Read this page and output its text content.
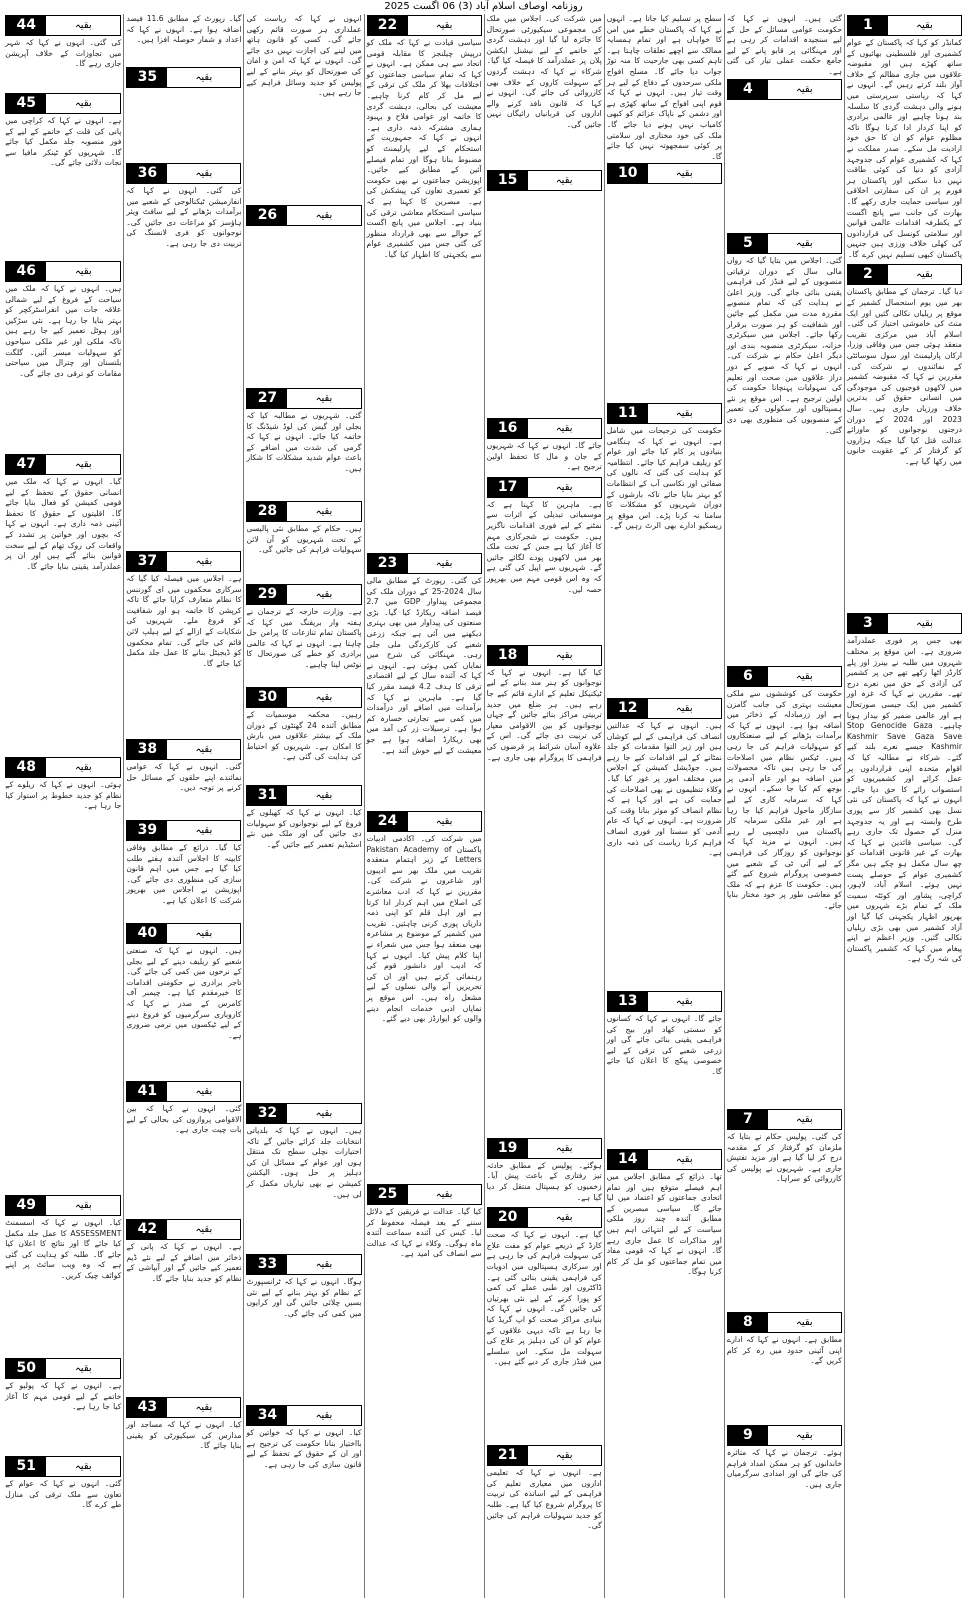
روزنامہ اوصاف اسلام آباد (3) 06 اگست 2025
1	بقیہ
کمانڈر کو کہا کہ پاکستان کے عوام کشمیری اور فلسطینی بھائیوں کے ساتھ کھڑے ہیں اور مقبوضہ علاقوں میں جاری مظالم کے خلاف آواز بلند کرتے رہیں گے۔ انہوں نے کہا کہ ریاستی سرپرستی میں ہونے والی دہشت گردی کا سلسلہ بند ہونا چاہیے اور عالمی برادری کو اپنا کردار ادا کرنا ہوگا تاکہ مظلوم عوام کو ان کا حق خود ارادیت مل سکے۔ صدر مملکت نے کہا کہ کشمیری عوام کی جدوجہد آزادی کو دنیا کی کوئی طاقت نہیں دبا سکتی اور پاکستان ہر فورم پر ان کی سفارتی اخلاقی اور سیاسی حمایت جاری رکھے گا۔ بھارت کی جانب سے پانچ اگست کے یکطرفہ اقدامات عالمی قوانین اور سلامتی کونسل کی قراردادوں کی کھلی خلاف ورزی ہیں جنہیں پاکستان کبھی تسلیم نہیں کرے گا۔
2	بقیہ
دیا گیا۔ ترجمان کے مطابق پاکستان بھر میں یوم استحصال کشمیر کے موقع پر ریلیاں نکالی گئیں اور ایک منٹ کی خاموشی اختیار کی گئی۔ اسلام آباد میں مرکزی تقریب منعقد ہوئی جس میں وفاقی وزرا، ارکان پارلیمنٹ اور سول سوسائٹی کے نمائندوں نے شرکت کی۔ مقررین نے کہا کہ مقبوضہ کشمیر میں لاکھوں فوجیوں کی موجودگی میں انسانی حقوق کی بدترین خلاف ورزیاں جاری ہیں۔ سال 2023 اور 2024 کے دوران درجنوں نوجوانوں کو ماورائے عدالت قتل کیا گیا جبکہ ہزاروں کو گرفتار کر کے عقوبت خانوں میں رکھا گیا ہے۔
3	بقیہ
بھی جس پر فوری عملدرآمد ضروری ہے۔ اس موقع پر مختلف شہروں میں طلبہ نے بینرز اور پلے کارڈز اٹھا رکھے تھے جن پر کشمیر کی آزادی کے حق میں نعرے درج تھے۔ مقررین نے کہا کہ غزہ اور کشمیر میں ایک جیسی صورتحال ہے اور عالمی ضمیر کو بیدار ہونا چاہیے۔ Stop Genocide Gaza Kashmir Save Gaza Save Kashmir جیسے نعرے بلند کیے گئے۔ شرکاء نے مطالبہ کیا کہ اقوام متحدہ اپنی قراردادوں پر عمل کرائے اور کشمیریوں کو استصواب رائے کا حق دیا جائے۔ انہوں نے کہا کہ پاکستان کی نئی نسل بھی کشمیر کاز سے پوری طرح وابستہ ہے اور یہ جدوجہد منزل کے حصول تک جاری رہے گی۔ سیاسی قائدین نے کہا کہ بھارت کے غیر قانونی اقدامات کو چھ سال مکمل ہو چکے ہیں مگر کشمیری عوام کے حوصلے پست نہیں ہوئے۔ اسلام آباد، لاہور، کراچی، پشاور اور کوئٹہ سمیت ملک کے تمام بڑے شہروں میں بھرپور اظہار یکجہتی کیا گیا اور آزاد کشمیر میں بھی بڑی ریلیاں نکالی گئیں۔ وزیر اعظم نے اپنے پیغام میں کہا کہ کشمیر پاکستان کی شہ رگ ہے۔
گئی ہیں۔ انہوں نے کہا کہ حکومت عوامی مسائل کے حل کے لیے سنجیدہ اقدامات کر رہی ہے اور مہنگائی پر قابو پانے کے لیے جامع حکمت عملی تیار کی گئی ہے۔
4	بقیہ
5	بقیہ
گئی۔ اجلاس میں بتایا گیا کہ رواں مالی سال کے دوران ترقیاتی منصوبوں کے لیے فنڈز کی فراہمی یقینی بنائی جائے گی۔ وزیر اعلیٰ نے ہدایت کی کہ تمام منصوبے مقررہ مدت میں مکمل کیے جائیں اور شفافیت کو ہر صورت برقرار رکھا جائے۔ اجلاس میں سیکرٹری خزانہ، سیکرٹری منصوبہ بندی اور دیگر اعلیٰ حکام نے شرکت کی۔ انہوں نے کہا کہ صوبے کے دور دراز علاقوں میں صحت اور تعلیم کی سہولیات پہنچانا حکومت کی اولین ترجیح ہے۔ اس موقع پر نئے ہسپتالوں اور سکولوں کی تعمیر کے منصوبوں کی منظوری بھی دی گئی۔
6	بقیہ
حکومت کی کوششوں سے ملکی معیشت بہتری کی جانب گامزن ہے اور زرمبادلہ کے ذخائر میں اضافہ ہوا ہے۔ انہوں نے کہا کہ برآمدات بڑھانے کے لیے صنعتکاروں کو سہولیات فراہم کی جا رہی ہیں۔ ٹیکس نظام میں اصلاحات کی جا رہی ہیں تاکہ محصولات میں اضافہ ہو اور عام آدمی پر بوجھ کم کیا جا سکے۔ انہوں نے کہا کہ سرمایہ کاری کے لیے سازگار ماحول فراہم کیا جا رہا ہے اور غیر ملکی سرمایہ کار پاکستان میں دلچسپی لے رہے ہیں۔ انہوں نے مزید کہا کہ نوجوانوں کو روزگار کی فراہمی کے لیے آئی ٹی کے شعبے میں خصوصی پروگرام شروع کیے گئے ہیں۔ حکومت کا عزم ہے کہ ملک کو معاشی طور پر خود مختار بنایا جائے۔
7	بقیہ
کی گئی۔ پولیس حکام نے بتایا کہ ملزمان کو گرفتار کر کے مقدمہ درج کر لیا گیا ہے اور مزید تفتیش جاری ہے۔ شہریوں نے پولیس کی کارروائی کو سراہا۔
8	بقیہ
مطابق ہے۔ انہوں نے کہا کہ ادارے اپنی آئینی حدود میں رہ کر کام کریں گے۔
9	بقیہ
ہوئے۔ ترجمان نے کہا کہ متاثرہ خاندانوں کو ہر ممکن امداد فراہم کی جائے گی اور امدادی سرگرمیاں جاری ہیں۔
سطح پر تسلیم کیا جاتا ہے۔ انہوں نے کہا کہ پاکستان خطے میں امن کا خواہاں ہے اور تمام ہمسایہ ممالک سے اچھے تعلقات چاہتا ہے۔ تاہم کسی بھی جارحیت کا منہ توڑ جواب دیا جائے گا۔ مسلح افواج ملکی سرحدوں کے دفاع کے لیے ہر وقت تیار ہیں۔ انہوں نے کہا کہ قوم اپنی افواج کے ساتھ کھڑی ہے اور دشمن کے ناپاک عزائم کو کبھی کامیاب نہیں ہونے دیا جائے گا۔ ملک کی خود مختاری اور سلامتی پر کوئی سمجھوتہ نہیں کیا جائے گا۔
10	بقیہ
11	بقیہ
حکومت کی ترجیحات میں شامل ہے۔ انہوں نے کہا کہ ہنگامی بنیادوں پر کام کیا جائے اور عوام کو ریلیف فراہم کیا جائے۔ انتظامیہ کو ہدایت کی گئی کہ نالوں کی صفائی اور نکاسی آب کے انتظامات کو بہتر بنایا جائے تاکہ بارشوں کے دوران شہریوں کو مشکلات کا سامنا نہ کرنا پڑے۔ اس موقع پر ریسکیو ادارے بھی الرٹ رہیں گے۔
12	بقیہ
ہیں۔ انہوں نے کہا کہ عدالتیں انصاف کی فراہمی کے لیے کوشاں ہیں اور زیر التوا مقدمات کو جلد نمٹانے کے لیے اقدامات کیے جا رہے ہیں۔ جوڈیشل کمیشن کے اجلاس میں مختلف امور پر غور کیا گیا۔ وکلاء تنظیموں نے بھی اصلاحات کی حمایت کی ہے اور کہا ہے کہ نظام انصاف کو موثر بنانا وقت کی ضرورت ہے۔ انہوں نے کہا کہ عام آدمی کو سستا اور فوری انصاف فراہم کرنا ریاست کی ذمہ داری ہے۔
13	بقیہ
جائے گا۔ انہوں نے کہا کہ کسانوں کو سستی کھاد اور بیج کی فراہمی یقینی بنائی جائے گی اور زرعی شعبے کی ترقی کے لیے خصوصی پیکج کا اعلان کیا جائے گا۔
14	بقیہ
تھا۔ ذرائع کے مطابق اجلاس میں اہم فیصلے متوقع ہیں اور تمام اتحادی جماعتوں کو اعتماد میں لیا جائے گا۔ سیاسی مبصرین کے مطابق آئندہ چند روز ملکی سیاست کے لیے انتہائی اہم ہیں اور مذاکرات کا عمل جاری رہے گا۔ انہوں نے کہا کہ قومی مفاد میں تمام جماعتوں کو مل کر کام کرنا ہوگا۔
میں شرکت کی۔ اجلاس میں ملک کی مجموعی سیکیورٹی صورتحال کا جائزہ لیا گیا اور دہشت گردی کے خاتمے کے لیے نیشنل ایکشن پلان پر عملدرآمد کا فیصلہ کیا گیا۔ شرکاء نے کہا کہ دہشت گردوں کے سہولت کاروں کے خلاف بھی کارروائی کی جائے گی۔ انہوں نے کہا کہ قانون نافذ کرنے والے اداروں کی قربانیاں رائیگاں نہیں جائیں گی۔
15	بقیہ
16	بقیہ
جائے گا۔ انہوں نے کہا کہ شہریوں کے جان و مال کا تحفظ اولین ترجیح ہے۔
17	بقیہ
ہے۔ ماہرین کا کہنا ہے کہ موسمیاتی تبدیلی کے اثرات سے نمٹنے کے لیے فوری اقدامات ناگزیر ہیں۔ حکومت نے شجرکاری مہم کا آغاز کیا ہے جس کے تحت ملک بھر میں لاکھوں پودے لگائے جائیں گے۔ شہریوں سے اپیل کی گئی ہے کہ وہ اس قومی مہم میں بھرپور حصہ لیں۔
18	بقیہ
کیا گیا ہے۔ انہوں نے کہا کہ نوجوانوں کو ہنر مند بنانے کے لیے ٹیکنیکل تعلیم کے ادارے قائم کیے جا رہے ہیں۔ ہر ضلع میں جدید تربیتی مراکز بنائے جائیں گے جہاں نوجوانوں کو بین الاقوامی معیار کی تربیت دی جائے گی۔ اس کے علاوہ آسان شرائط پر قرضوں کی فراہمی کا پروگرام بھی جاری ہے۔
19	بقیہ
ہوگئے۔ پولیس کے مطابق حادثہ تیز رفتاری کے باعث پیش آیا۔ زخمیوں کو ہسپتال منتقل کر دیا گیا ہے۔
20	بقیہ
گیا ہے۔ انہوں نے کہا کہ صحت کارڈ کے ذریعے عوام کو مفت علاج کی سہولت فراہم کی جا رہی ہے اور سرکاری ہسپتالوں میں ادویات کی فراہمی یقینی بنائی گئی ہے۔ ڈاکٹروں اور طبی عملے کی کمی کو پورا کرنے کے لیے نئی بھرتیاں کی جائیں گی۔ انہوں نے کہا کہ بنیادی مراکز صحت کو اپ گریڈ کیا جا رہا ہے تاکہ دیہی علاقوں کے عوام کو ان کی دہلیز پر علاج کی سہولت مل سکے۔ اس سلسلے میں فنڈز جاری کر دیے گئے ہیں۔
21	بقیہ
ہے۔ انہوں نے کہا کہ تعلیمی اداروں میں معیاری تعلیم کی فراہمی کے لیے اساتذہ کی تربیت کا پروگرام شروع کیا گیا ہے۔ طلبہ کو جدید سہولیات فراہم کی جائیں گی۔
22	بقیہ
سیاسی قیادت نے کہا کہ ملک کو درپیش چیلنجز کا مقابلہ قومی اتحاد سے ہی ممکن ہے۔ انہوں نے کہا کہ تمام سیاسی جماعتوں کو اختلافات بھلا کر ملک کی ترقی کے لیے مل کر کام کرنا چاہیے۔ معیشت کی بحالی، دہشت گردی کا خاتمہ اور عوامی فلاح و بہبود ہماری مشترکہ ذمہ داری ہے۔ انہوں نے کہا کہ جمہوریت کے استحکام کے لیے پارلیمنٹ کو مضبوط بنانا ہوگا اور تمام فیصلے آئین کے مطابق کیے جائیں۔ اپوزیشن جماعتوں نے بھی حکومت کو تعمیری تعاون کی پیشکش کی ہے۔ مبصرین کا کہنا ہے کہ سیاسی استحکام معاشی ترقی کی بنیاد ہے۔ اجلاس میں پانچ اگست کے حوالے سے بھی قرارداد منظور کی گئی جس میں کشمیری عوام سے یکجہتی کا اظہار کیا گیا۔
23	بقیہ
کی گئی۔ رپورٹ کے مطابق مالی سال 2024-25 کے دوران ملک کی مجموعی پیداوار GDP میں 2.7 فیصد اضافہ ریکارڈ کیا گیا۔ بڑی صنعتوں کی پیداوار میں بھی بہتری دیکھنے میں آئی ہے جبکہ زرعی شعبے کی کارکردگی ملی جلی رہی۔ مہنگائی کی شرح میں نمایاں کمی ہوئی ہے۔ انہوں نے کہا کہ آئندہ سال کے لیے اقتصادی ترقی کا ہدف 4.2 فیصد مقرر کیا گیا ہے۔ ماہرین نے کہا کہ برآمدات میں اضافے اور درآمدات میں کمی سے تجارتی خسارہ کم ہوا ہے۔ ترسیلات زر کی آمد میں بھی ریکارڈ اضافہ ہوا ہے جو معیشت کے لیے خوش آئند ہے۔
24	بقیہ
میں شرکت کی۔ اکادمی ادبیات پاکستان Pakistan Academy of Letters کے زیر اہتمام منعقدہ تقریب میں ملک بھر سے ادیبوں اور شاعروں نے شرکت کی۔ مقررین نے کہا کہ ادب معاشرے کی اصلاح میں اہم کردار ادا کرتا ہے اور اہل قلم کو اپنی ذمہ داریاں پوری کرنی چاہئیں۔ تقریب میں کشمیر کے موضوع پر مشاعرہ بھی منعقد ہوا جس میں شعراء نے اپنا کلام پیش کیا۔ انہوں نے کہا کہ ادیب اور دانشور قوم کی رہنمائی کرتے ہیں اور ان کی تحریریں آنے والی نسلوں کے لیے مشعل راہ ہیں۔ اس موقع پر نمایاں ادبی خدمات انجام دینے والوں کو ایوارڈز بھی دیے گئے۔
25	بقیہ
کیا گیا۔ عدالت نے فریقین کے دلائل سننے کے بعد فیصلہ محفوظ کر لیا۔ کیس کی آئندہ سماعت آئندہ ماہ ہوگی۔ وکلاء نے کہا کہ عدالت سے انصاف کی امید ہے۔
انہوں نے کہا کہ ریاست کی عملداری ہر صورت قائم رکھی جائے گی۔ کسی کو قانون ہاتھ میں لینے کی اجازت نہیں دی جائے گی۔ انہوں نے کہا کہ امن و امان کی صورتحال کو بہتر بنانے کے لیے پولیس کو جدید وسائل فراہم کیے جا رہے ہیں۔
26	بقیہ
27	بقیہ
گئی۔ شہریوں نے مطالبہ کیا کہ بجلی اور گیس کی لوڈ شیڈنگ کا خاتمہ کیا جائے۔ انہوں نے کہا کہ گرمی کی شدت میں اضافے کے باعث عوام شدید مشکلات کا شکار ہیں۔
28	بقیہ
ہیں۔ حکام کے مطابق نئی پالیسی کے تحت شہریوں کو آن لائن سہولیات فراہم کی جائیں گی۔
29	بقیہ
ہے۔ وزارت خارجہ کے ترجمان نے ہفتہ وار بریفنگ میں کہا کہ پاکستان تمام تنازعات کا پرامن حل چاہتا ہے۔ انہوں نے کہا کہ عالمی برادری کو خطے کی صورتحال کا نوٹس لینا چاہیے۔
30	بقیہ
رہیں۔ محکمہ موسمیات کے مطابق آئندہ 24 گھنٹوں کے دوران ملک کے بیشتر علاقوں میں بارش کا امکان ہے۔ شہریوں کو احتیاط کی ہدایت کی گئی ہے۔
31	بقیہ
کیا۔ انہوں نے کہا کہ کھیلوں کے فروغ کے لیے نوجوانوں کو سہولیات دی جائیں گی اور ملک میں نئے اسٹیڈیم تعمیر کیے جائیں گے۔
32	بقیہ
ہیں۔ انہوں نے کہا کہ بلدیاتی انتخابات جلد کرائے جائیں گے تاکہ اختیارات نچلی سطح تک منتقل ہوں اور عوام کے مسائل ان کی دہلیز پر حل ہوں۔ الیکشن کمیشن نے بھی تیاریاں مکمل کر لی ہیں۔
33	بقیہ
ہوگا۔ انہوں نے کہا کہ ٹرانسپورٹ کے نظام کو بہتر بنانے کے لیے نئی بسیں چلائی جائیں گی اور کرایوں میں کمی کی جائے گی۔
34	بقیہ
کیا۔ انہوں نے کہا کہ خواتین کو بااختیار بنانا حکومت کی ترجیح ہے اور ان کے حقوق کے تحفظ کے لیے قانون سازی کی جا رہی ہے۔
گیا۔ رپورٹ کے مطابق 11.6 فیصد اضافہ ہوا ہے۔ انہوں نے کہا کہ اعداد و شمار حوصلہ افزا ہیں۔
35	بقیہ
36	بقیہ
کی گئی۔ انہوں نے کہا کہ انفارمیشن ٹیکنالوجی کے شعبے میں برآمدات بڑھانے کے لیے سافٹ ویئر ہاؤسز کو مراعات دی جائیں گی۔ نوجوانوں کو فری لانسنگ کی تربیت دی جا رہی ہے۔
37	بقیہ
ہے۔ اجلاس میں فیصلہ کیا گیا کہ سرکاری محکموں میں ای گورننس کا نظام متعارف کرایا جائے گا تاکہ کرپشن کا خاتمہ ہو اور شفافیت کو فروغ ملے۔ شہریوں کی شکایات کے ازالے کے لیے ہیلپ لائن قائم کی جائے گی۔ تمام محکموں کو ڈیجیٹل بنانے کا عمل جلد مکمل کیا جائے گا۔
38	بقیہ
گئی۔ انہوں نے کہا کہ عوامی نمائندے اپنے حلقوں کے مسائل حل کرنے پر توجہ دیں۔
39	بقیہ
کیا گیا۔ ذرائع کے مطابق وفاقی کابینہ کا اجلاس آئندہ ہفتے طلب کیا گیا ہے جس میں اہم قانون سازی کی منظوری دی جائے گی۔ اپوزیشن نے اجلاس میں بھرپور شرکت کا اعلان کیا ہے۔
40	بقیہ
ہیں۔ انہوں نے کہا کہ صنعتی شعبے کو ریلیف دینے کے لیے بجلی کے نرخوں میں کمی کی جائے گی۔ تاجر برادری نے حکومتی اقدامات کا خیرمقدم کیا ہے۔ چیمبر آف کامرس کے صدر نے کہا کہ کاروباری سرگرمیوں کو فروغ دینے کے لیے ٹیکسوں میں نرمی ضروری ہے۔
41	بقیہ
گئی۔ انہوں نے کہا کہ بین الاقوامی پروازوں کی بحالی کے لیے بات چیت جاری ہے۔
42	بقیہ
ہے۔ انہوں نے کہا کہ پانی کے ذخائر میں اضافے کے لیے نئے ڈیم تعمیر کیے جائیں گے اور آبپاشی کے نظام کو جدید بنایا جائے گا۔
43	بقیہ
کیا۔ انہوں نے کہا کہ مساجد اور مدارس کی سیکیورٹی کو یقینی بنایا جائے گا۔
44	بقیہ
کی گئی۔ انہوں نے کہا کہ شہر میں تجاوزات کے خلاف آپریشن جاری رہے گا۔
45	بقیہ
ہے۔ انہوں نے کہا کہ کراچی میں پانی کی قلت کے خاتمے کے لیے کے فور منصوبہ جلد مکمل کیا جائے گا۔ شہریوں کو ٹینکر مافیا سے نجات دلائی جائے گی۔
46	بقیہ
ہیں۔ انہوں نے کہا کہ ملک میں سیاحت کے فروغ کے لیے شمالی علاقہ جات میں انفراسٹرکچر کو بہتر بنایا جا رہا ہے۔ نئی سڑکیں اور ہوٹل تعمیر کیے جا رہے ہیں تاکہ ملکی اور غیر ملکی سیاحوں کو سہولیات میسر آئیں۔ گلگت بلتستان اور چترال میں سیاحتی مقامات کو ترقی دی جائے گی۔
47	بقیہ
گیا۔ انہوں نے کہا کہ ملک میں انسانی حقوق کے تحفظ کے لیے قومی کمیشن کو فعال بنایا جائے گا۔ اقلیتوں کے حقوق کا تحفظ آئینی ذمہ داری ہے۔ انہوں نے کہا کہ بچوں اور خواتین پر تشدد کے واقعات کی روک تھام کے لیے سخت قوانین بنائے گئے ہیں اور ان پر عملدرآمد یقینی بنایا جائے گا۔
48	بقیہ
ہوئی۔ انہوں نے کہا کہ ریلوے کے نظام کو جدید خطوط پر استوار کیا جا رہا ہے۔
49	بقیہ
کیا۔ انہوں نے کہا کہ اسسمنٹ ASSESSMENT کا عمل جلد مکمل کیا جائے گا اور نتائج کا اعلان کیا جائے گا۔ طلبہ کو ہدایت کی گئی ہے کہ وہ ویب سائٹ پر اپنے کوائف چیک کریں۔
50	بقیہ
ہے۔ انہوں نے کہا کہ پولیو کے خاتمے کے لیے قومی مہم کا آغاز کیا جا رہا ہے۔
51	بقیہ
گئی۔ انہوں نے کہا کہ عوام کے تعاون سے ملک ترقی کی منازل طے کرے گا۔
